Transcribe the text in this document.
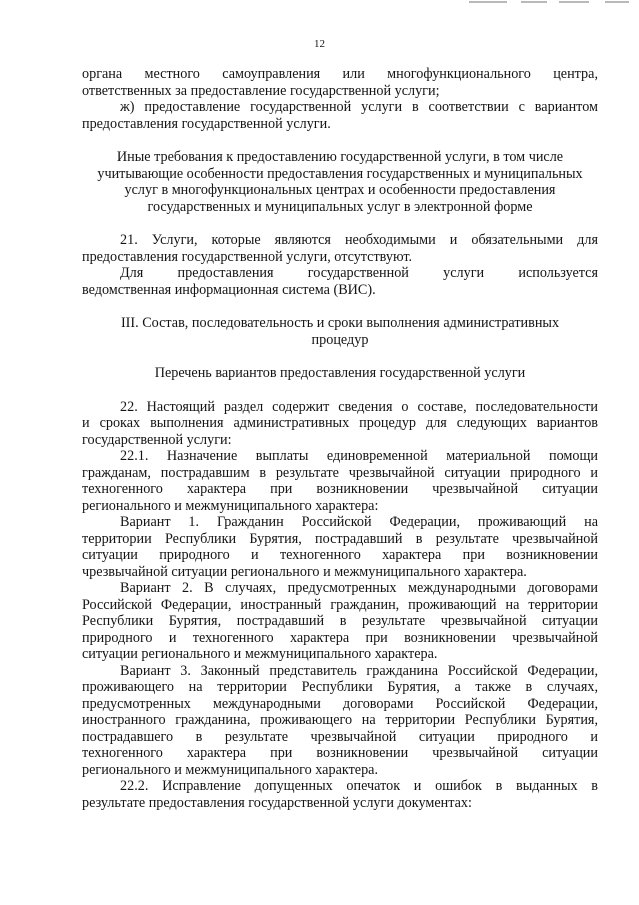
12
органа местного самоуправления или многофункционального центра,
ответственных за предоставление государственной услуги;
ж) предоставление государственной услуги в соответствии с вариантом
предоставления государственной услуги.
Иные требования к предоставлению государственной услуги, в том числе
учитывающие особенности предоставления государственных и муниципальных
услуг в многофункциональных центрах и особенности предоставления
государственных и муниципальных услуг в электронной форме
21. Услуги, которые являются необходимыми и обязательными для
предоставления государственной услуги, отсутствуют.
Для предоставления государственной услуги используется
ведомственная информационная система (ВИС).
III. Состав, последовательность и сроки выполнения административных
процедур
Перечень вариантов предоставления государственной услуги
22. Настоящий раздел содержит сведения о составе, последовательности
и сроках выполнения административных процедур для следующих вариантов
государственной услуги:
22.1. Назначение выплаты единовременной материальной помощи
гражданам, пострадавшим в результате чрезвычайной ситуации природного и
техногенного характера при возникновении чрезвычайной ситуации
регионального и межмуниципального характера:
Вариант 1. Гражданин Российской Федерации, проживающий на
территории Республики Бурятия, пострадавший в результате чрезвычайной
ситуации природного и техногенного характера при возникновении
чрезвычайной ситуации регионального и межмуниципального характера.
Вариант 2. В случаях, предусмотренных международными договорами
Российской Федерации, иностранный гражданин, проживающий на территории
Республики Бурятия, пострадавший в результате чрезвычайной ситуации
природного и техногенного характера при возникновении чрезвычайной
ситуации регионального и межмуниципального характера.
Вариант 3. Законный представитель гражданина Российской Федерации,
проживающего на территории Республики Бурятия, а также в случаях,
предусмотренных международными договорами Российской Федерации,
иностранного гражданина, проживающего на территории Республики Бурятия,
пострадавшего в результате чрезвычайной ситуации природного и
техногенного характера при возникновении чрезвычайной ситуации
регионального и межмуниципального характера.
22.2. Исправление допущенных опечаток и ошибок в выданных в
результате предоставления государственной услуги документах:
